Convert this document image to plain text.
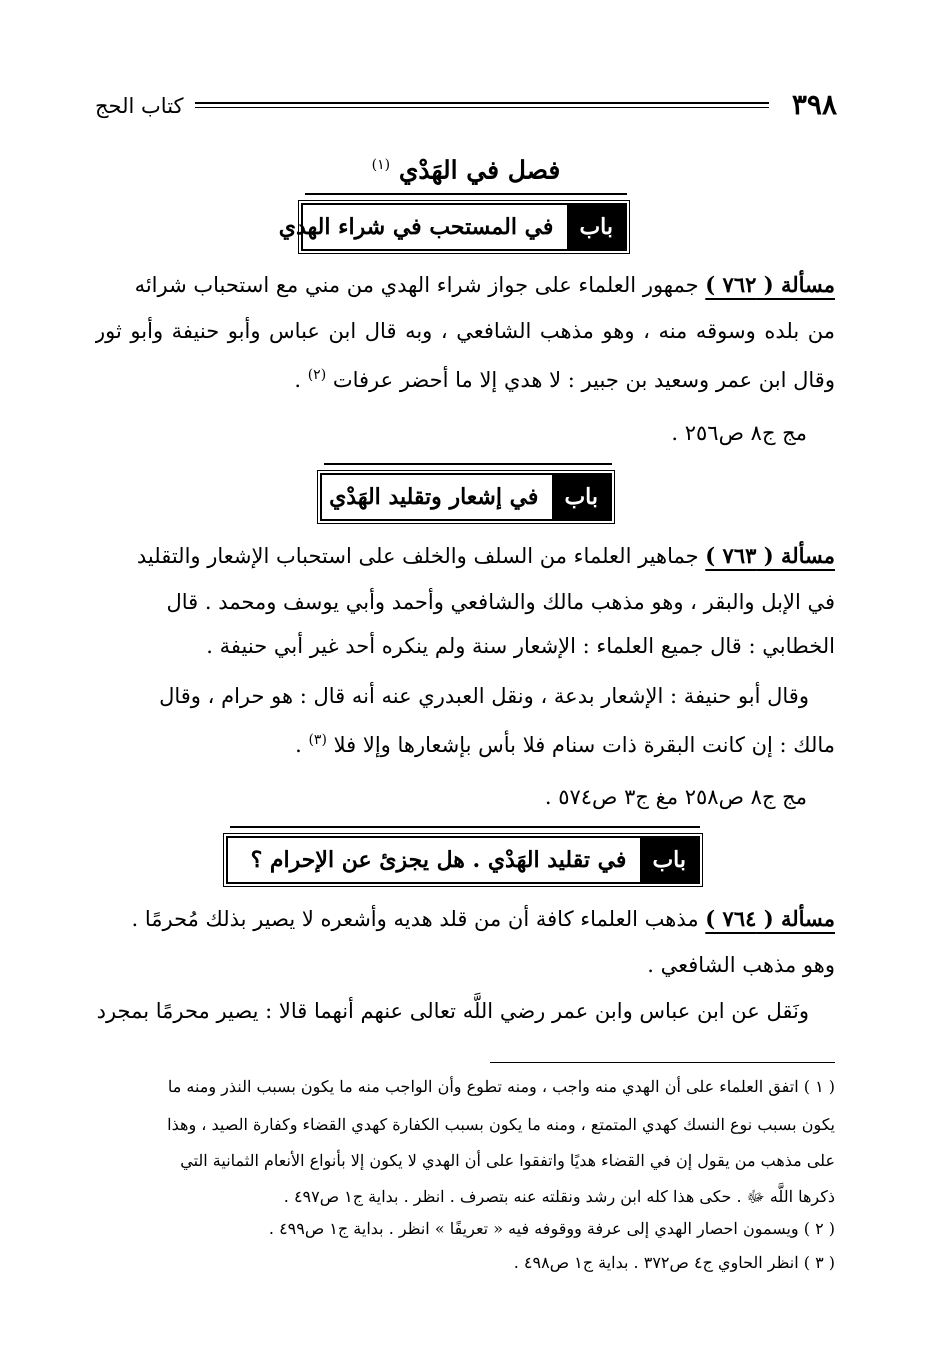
٣٩٨
كتاب الحج
فصل في الهَدْي $^{(١)}$
باب
في المستحب في شراء الهدي
مسألة ( ٧٦٢ ) جمهور العلماء على جواز شراء الهدي من مني مع استحباب شرائه
من بلده وسوقه منه ، وهو مذهب الشافعي ، وبه قال ابن عباس وأبو حنيفة وأبو ثور
وقال ابن عمر وسعيد بن جبير : لا هدي إلا ما أحضر عرفات $^{(٢)}$ .
مج ج٨ ص٢٥٦ .
باب
في إشعار وتقليد الهَدْي
مسألة ( ٧٦٣ ) جماهير العلماء من السلف والخلف على استحباب الإشعار والتقليد
في الإبل والبقر ، وهو مذهب مالك والشافعي وأحمد وأبي يوسف ومحمد . قال
الخطابي : قال جميع العلماء : الإشعار سنة ولم ينكره أحد غير أبي حنيفة .
وقال أبو حنيفة : الإشعار بدعة ، ونقل العبدري عنه أنه قال : هو حرام ، وقال
مالك : إن كانت البقرة ذات سنام فلا بأس بإشعارها وإلا فلا $^{(٣)}$ .
مج ج٨ ص٢٥٨ مغ ج٣ ص٥٧٤ .
باب
في تقليد الهَدْي . هل يجزئ عن الإحرام ؟
مسألة ( ٧٦٤ ) مذهب العلماء كافة أن من قلد هديه وأشعره لا يصير بذلك مُحرمًا .
وهو مذهب الشافعي .
ونَقل عن ابن عباس وابن عمر رضي اللَّه تعالى عنهم أنهما قالا : يصير محرمًا بمجرد
( ١ ) اتفق العلماء على أن الهدي منه واجب ، ومنه تطوع وأن الواجب منه ما يكون بسبب النذر ومنه ما
يكون بسبب نوع النسك كهدي المتمتع ، ومنه ما يكون بسبب الكفارة كهدي القضاء وكفارة الصيد ، وهذا
على مذهب من يقول إن في القضاء هديًا واتفقوا على أن الهدي لا يكون إلا بأنواع الأنعام الثمانية التي
ذكرها اللَّه ﷻ . حكى هذا كله ابن رشد ونقلته عنه بتصرف . انظر . بداية ج١ ص٤٩٧ .
( ٢ ) ويسمون احصار الهدي إلى عرفة ووقوفه فيه « تعريفًا » انظر . بداية ج١ ص٤٩٩ .
( ٣ ) انظر الحاوي ج٤ ص٣٧٢ . بداية ج١ ص٤٩٨ .
